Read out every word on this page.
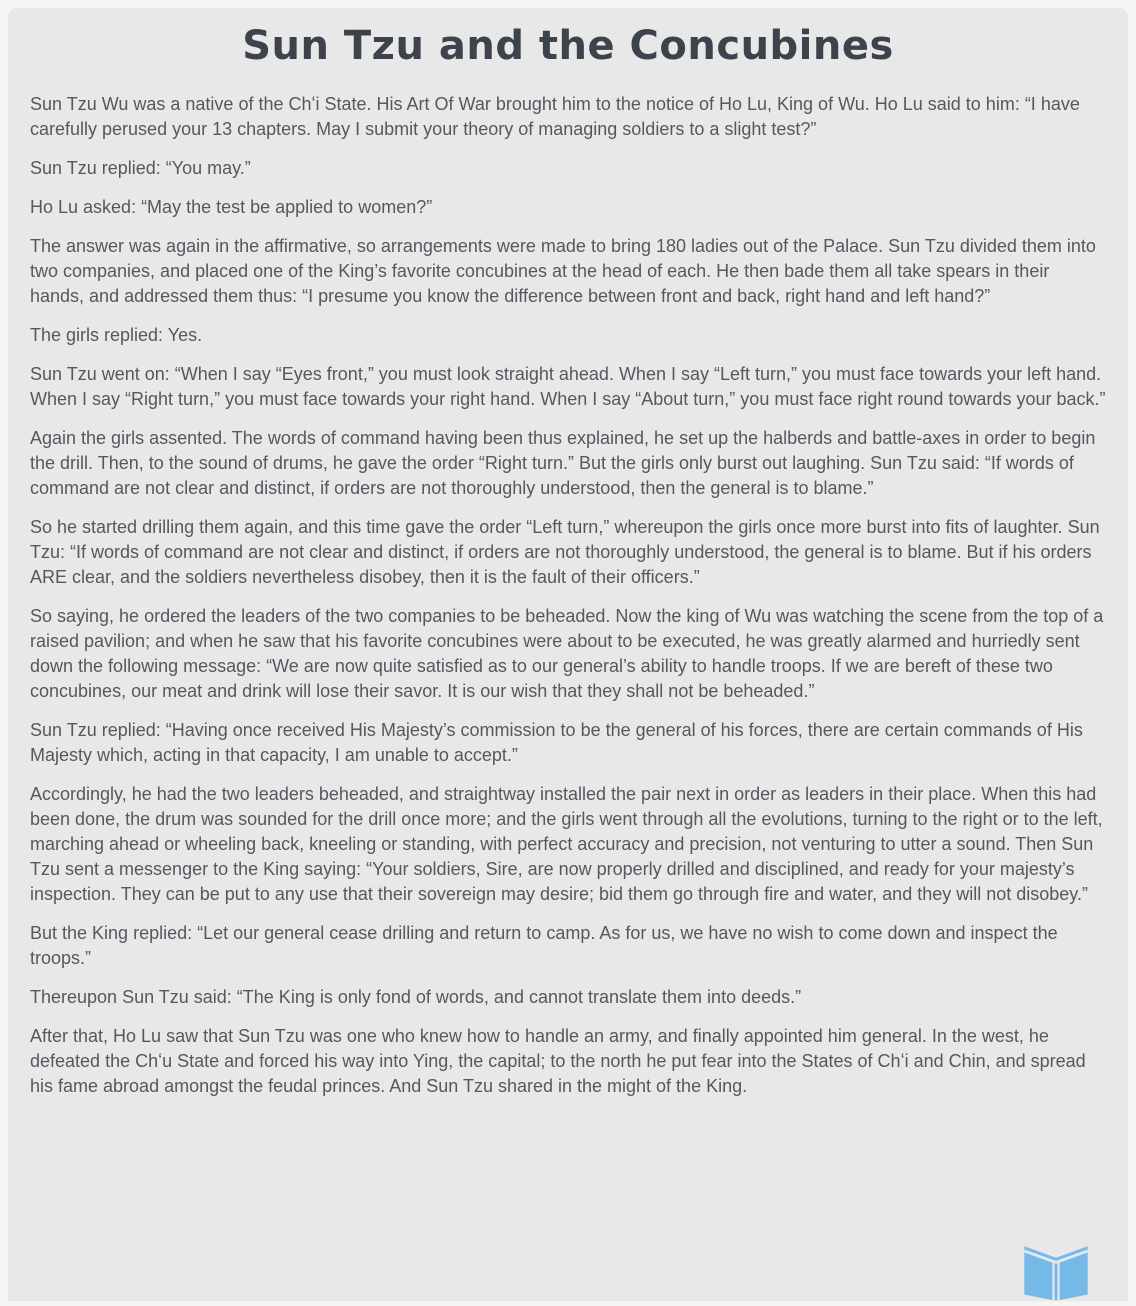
Sun Tzu and the Concubines

Sun Tzu Wu was a native of the Chʻi State. His Art Of War brought him to the notice of Ho Lu, King of Wu. Ho Lu said to him: “I have carefully perused your 13 chapters. May I submit your theory of managing soldiers to a slight test?”

Sun Tzu replied: “You may.”

Ho Lu asked: “May the test be applied to women?”

The answer was again in the affirmative, so arrangements were made to bring 180 ladies out of the Palace. Sun Tzu divided them into two companies, and placed one of the King’s favorite concubines at the head of each. He then bade them all take spears in their hands, and addressed them thus: “I presume you know the difference between front and back, right hand and left hand?”

The girls replied: Yes.

Sun Tzu went on: “When I say “Eyes front,” you must look straight ahead. When I say “Left turn,” you must face towards your left hand. When I say “Right turn,” you must face towards your right hand. When I say “About turn,” you must face right round towards your back.”

Again the girls assented. The words of command having been thus explained, he set up the halberds and battle-axes in order to begin the drill. Then, to the sound of drums, he gave the order “Right turn.” But the girls only burst out laughing. Sun Tzu said: “If words of command are not clear and distinct, if orders are not thoroughly understood, then the general is to blame.”

So he started drilling them again, and this time gave the order “Left turn,” whereupon the girls once more burst into fits of laughter. Sun Tzu: “If words of command are not clear and distinct, if orders are not thoroughly understood, the general is to blame. But if his orders ARE clear, and the soldiers nevertheless disobey, then it is the fault of their officers.”

So saying, he ordered the leaders of the two companies to be beheaded. Now the king of Wu was watching the scene from the top of a raised pavilion; and when he saw that his favorite concubines were about to be executed, he was greatly alarmed and hurriedly sent down the following message: “We are now quite satisfied as to our general’s ability to handle troops. If we are bereft of these two concubines, our meat and drink will lose their savor. It is our wish that they shall not be beheaded.”

Sun Tzu replied: “Having once received His Majesty’s commission to be the general of his forces, there are certain commands of His Majesty which, acting in that capacity, I am unable to accept.”

Accordingly, he had the two leaders beheaded, and straightway installed the pair next in order as leaders in their place. When this had been done, the drum was sounded for the drill once more; and the girls went through all the evolutions, turning to the right or to the left, marching ahead or wheeling back, kneeling or standing, with perfect accuracy and precision, not venturing to utter a sound. Then Sun Tzu sent a messenger to the King saying: “Your soldiers, Sire, are now properly drilled and disciplined, and ready for your majesty’s inspection. They can be put to any use that their sovereign may desire; bid them go through fire and water, and they will not disobey.”

But the King replied: “Let our general cease drilling and return to camp. As for us, we have no wish to come down and inspect the troops.”

Thereupon Sun Tzu said: “The King is only fond of words, and cannot translate them into deeds.”

After that, Ho Lu saw that Sun Tzu was one who knew how to handle an army, and finally appointed him general. In the west, he defeated the Chʻu State and forced his way into Ying, the capital; to the north he put fear into the States of Chʻi and Chin, and spread his fame abroad amongst the feudal princes. And Sun Tzu shared in the might of the King.
